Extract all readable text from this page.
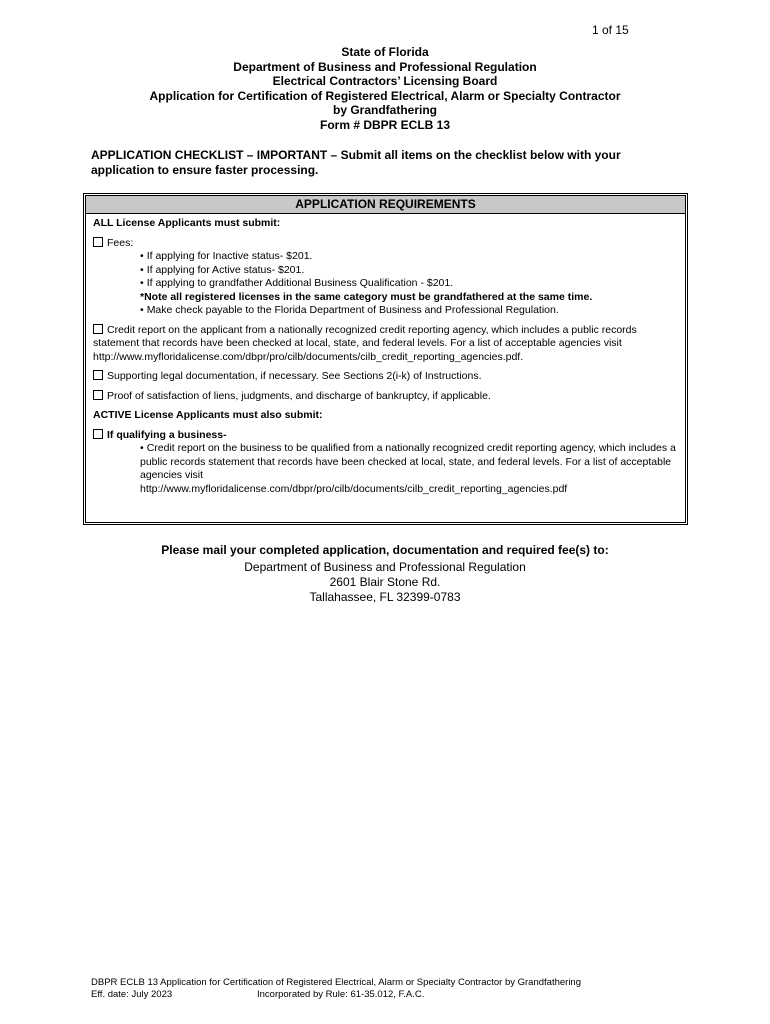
1 of 15
State of Florida
Department of Business and Professional Regulation
Electrical Contractors’ Licensing Board
Application for Certification of Registered Electrical, Alarm or Specialty Contractor
by Grandfathering
Form # DBPR ECLB 13
APPLICATION CHECKLIST – IMPORTANT – Submit all items on the checklist below with your application to ensure faster processing.
APPLICATION REQUIREMENTS
ALL License Applicants must submit:
Fees:
• If applying for Inactive status- $201.
• If applying for Active status- $201.
• If applying to grandfather Additional Business Qualification - $201.
*Note all registered licenses in the same category must be grandfathered at the same time.
• Make check payable to the Florida Department of Business and Professional Regulation.
Credit report on the applicant from a nationally recognized credit reporting agency, which includes a public records statement that records have been checked at local, state, and federal levels. For a list of acceptable agencies visit http://www.myfloridalicense.com/dbpr/pro/cilb/documents/cilb_credit_reporting_agencies.pdf.
Supporting legal documentation, if necessary. See Sections 2(i-k) of Instructions.
Proof of satisfaction of liens, judgments, and discharge of bankruptcy, if applicable.
ACTIVE License Applicants must also submit:
If qualifying a business-
• Credit report on the business to be qualified from a nationally recognized credit reporting agency, which includes a public records statement that records have been checked at local, state, and federal levels. For a list of acceptable agencies visit
http://www.myfloridalicense.com/dbpr/pro/cilb/documents/cilb_credit_reporting_agencies.pdf
Please mail your completed application, documentation and required fee(s) to:
Department of Business and Professional Regulation
2601 Blair Stone Rd.
Tallahassee, FL 32399-0783
DBPR ECLB 13 Application for Certification of Registered Electrical, Alarm or Specialty Contractor by Grandfathering
Eff. date: July 2023	Incorporated by Rule: 61-35.012, F.A.C.
